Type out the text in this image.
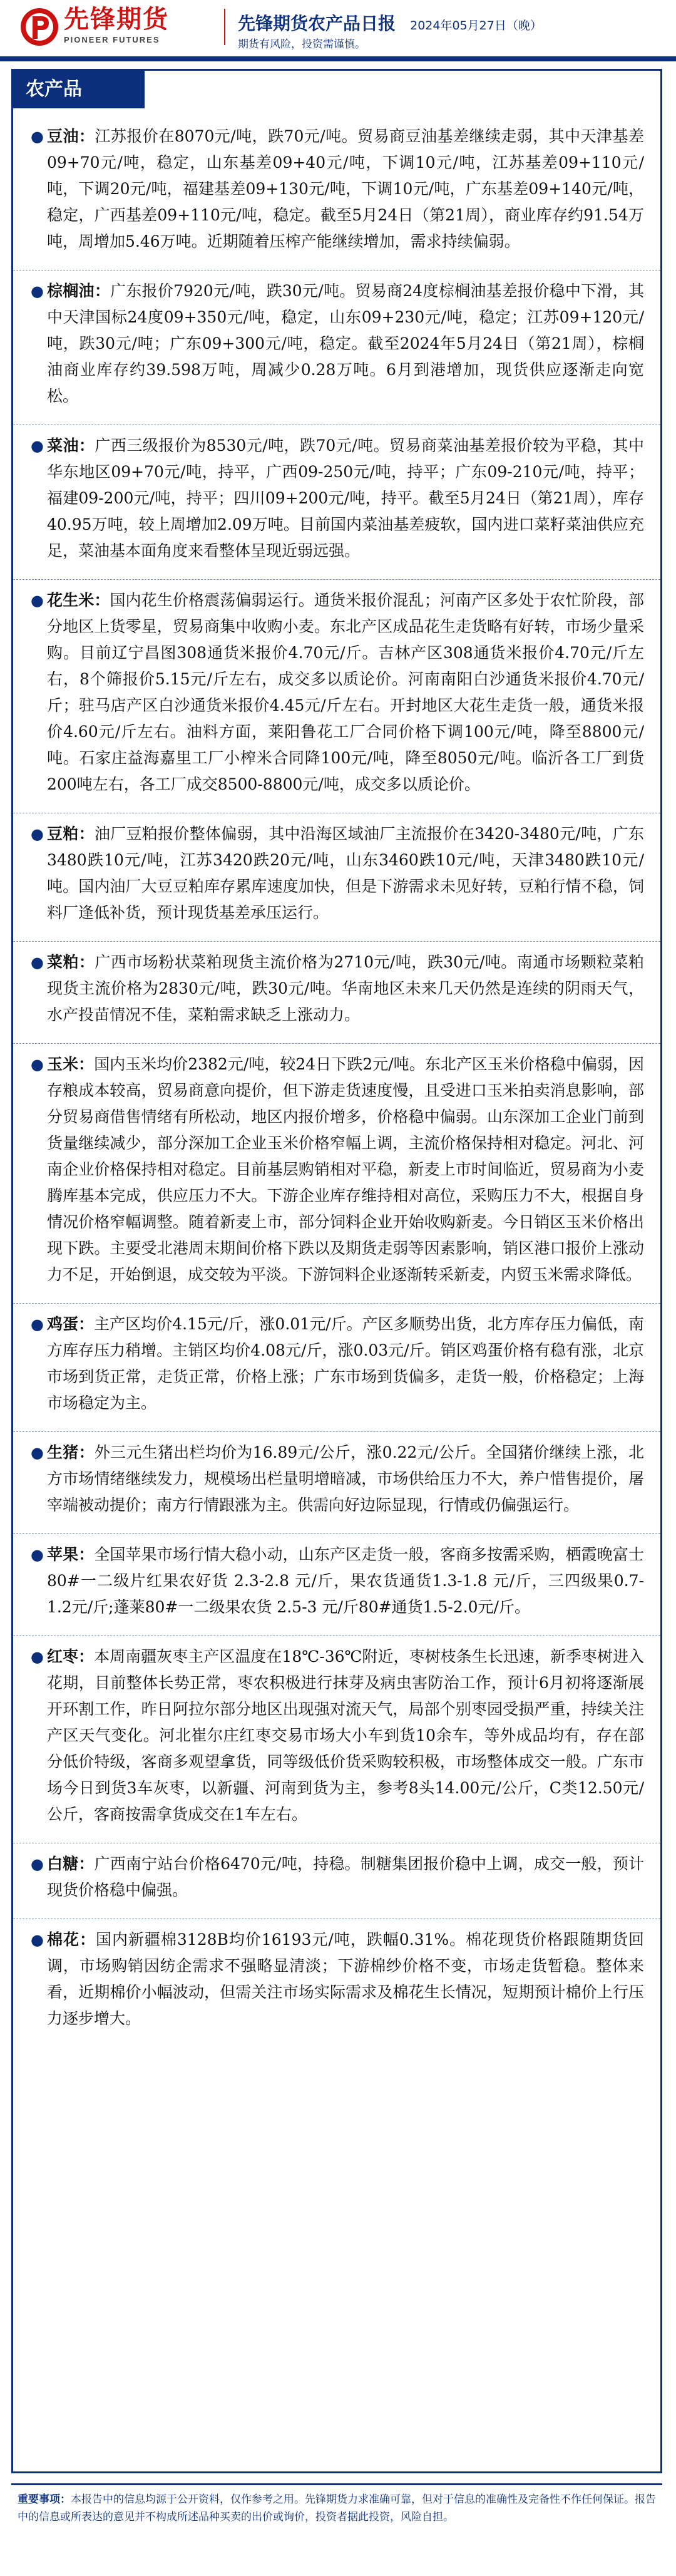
先锋期货
PIONEER FUTURES
先锋期货农产品日报 2024年05月27日（晚）
期货有风险，投资需谨慎。
农产品
● 豆油：江苏报价在8070元/吨，跌70元/吨。贸易商豆油基差继续走弱，其中天津基差09+70元/吨，稳定，山东基差09+40元/吨，下调10元/吨，江苏基差09+110元/吨，下调20元/吨，福建基差09+130元/吨，下调10元/吨，广东基差09+140元/吨，稳定，广西基差09+110元/吨，稳定。截至5月24日（第21周），商业库存约91.54万吨，周增加5.46万吨。近期随着压榨产能继续增加，需求持续偏弱。
● 棕榈油：广东报价7920元/吨，跌30元/吨。贸易商24度棕榈油基差报价稳中下滑，其中天津国标24度09+350元/吨，稳定，山东09+230元/吨，稳定；江苏09+120元/吨，跌30元/吨；广东09+300元/吨，稳定。截至2024年5月24日（第21周），棕榈油商业库存约39.598万吨，周减少0.28万吨。6月到港增加，现货供应逐渐走向宽松。
● 菜油：广西三级报价为8530元/吨，跌70元/吨。贸易商菜油基差报价较为平稳，其中华东地区09+70元/吨，持平，广西09-250元/吨，持平；广东09-210元/吨，持平；福建09-200元/吨，持平；四川09+200元/吨，持平。截至5月24日（第21周），库存40.95万吨，较上周增加2.09万吨。目前国内菜油基差疲软，国内进口菜籽菜油供应充足，菜油基本面角度来看整体呈现近弱远强。
● 花生米：国内花生价格震荡偏弱运行。通货米报价混乱；河南产区多处于农忙阶段，部分地区上货零星，贸易商集中收购小麦。东北产区成品花生走货略有好转，市场少量采购。目前辽宁昌图308通货米报价4.70元/斤。吉林产区308通货米报价4.70元/斤左右，8个筛报价5.15元/斤左右，成交多以质论价。河南南阳白沙通货米报价4.70元/斤；驻马店产区白沙通货米报价4.45元/斤左右。开封地区大花生走货一般，通货米报价4.60元/斤左右。油料方面，莱阳鲁花工厂合同价格下调100元/吨，降至8800元/吨。石家庄益海嘉里工厂小榨米合同降100元/吨，降至8050元/吨。临沂各工厂到货200吨左右，各工厂成交8500-8800元/吨，成交多以质论价。
● 豆粕：油厂豆粕报价整体偏弱，其中沿海区域油厂主流报价在3420-3480元/吨，广东3480跌10元/吨，江苏3420跌20元/吨，山东3460跌10元/吨，天津3480跌10元/吨。国内油厂大豆豆粕库存累库速度加快，但是下游需求未见好转，豆粕行情不稳，饲料厂逢低补货，预计现货基差承压运行。
● 菜粕：广西市场粉状菜粕现货主流价格为2710元/吨，跌30元/吨。南通市场颗粒菜粕现货主流价格为2830元/吨，跌30元/吨。华南地区未来几天仍然是连续的阴雨天气，水产投苗情况不佳，菜粕需求缺乏上涨动力。
● 玉米：国内玉米均价2382元/吨，较24日下跌2元/吨。东北产区玉米价格稳中偏弱，因存粮成本较高，贸易商意向提价，但下游走货速度慢，且受进口玉米拍卖消息影响，部分贸易商借售情绪有所松动，地区内报价增多，价格稳中偏弱。山东深加工企业门前到货量继续减少，部分深加工企业玉米价格窄幅上调，主流价格保持相对稳定。河北、河南企业价格保持相对稳定。目前基层购销相对平稳，新麦上市时间临近，贸易商为小麦腾库基本完成，供应压力不大。下游企业库存维持相对高位，采购压力不大，根据自身情况价格窄幅调整。随着新麦上市，部分饲料企业开始收购新麦。今日销区玉米价格出现下跌。主要受北港周末期间价格下跌以及期货走弱等因素影响，销区港口报价上涨动力不足，开始倒退，成交较为平淡。下游饲料企业逐渐转采新麦，内贸玉米需求降低。
● 鸡蛋：主产区均价4.15元/斤，涨0.01元/斤。产区多顺势出货，北方库存压力偏低，南方库存压力稍增。主销区均价4.08元/斤，涨0.03元/斤。销区鸡蛋价格有稳有涨，北京市场到货正常，走货正常，价格上涨；广东市场到货偏多，走货一般，价格稳定；上海市场稳定为主。
● 生猪：外三元生猪出栏均价为16.89元/公斤，涨0.22元/公斤。全国猪价继续上涨，北方市场情绪继续发力，规模场出栏量明增暗减，市场供给压力不大，养户惜售提价，屠宰端被动提价；南方行情跟涨为主。供需向好边际显现，行情或仍偏强运行。
● 苹果：全国苹果市场行情大稳小动，山东产区走货一般，客商多按需采购，栖霞晚富士 80#一二级片红果农好货 2.3-2.8 元/斤，果农货通货1.3-1.8 元/斤，三四级果0.7-1.2元/斤;蓬莱80#一二级果农货 2.5-3 元/斤80#通货1.5-2.0元/斤。
● 红枣：本周南疆灰枣主产区温度在18℃-36℃附近，枣树枝条生长迅速，新季枣树进入花期，目前整体长势正常，枣农积极进行抹芽及病虫害防治工作，预计6月初将逐渐展开环割工作，昨日阿拉尔部分地区出现强对流天气，局部个别枣园受损严重，持续关注产区天气变化。河北崔尔庄红枣交易市场大小车到货10余车，等外成品均有，存在部分低价特级，客商多观望拿货，同等级低价货采购较积极，市场整体成交一般。广东市场今日到货3车灰枣，以新疆、河南到货为主，参考8头14.00元/公斤，C类12.50元/公斤，客商按需拿货成交在1车左右。
● 白糖：广西南宁站台价格6470元/吨，持稳。制糖集团报价稳中上调，成交一般，预计现货价格稳中偏强。
● 棉花：国内新疆棉3128B均价16193元/吨，跌幅0.31%。棉花现货价格跟随期货回调，市场购销因纺企需求不强略显清淡；下游棉纱价格不变，市场走货暂稳。整体来看，近期棉价小幅波动，但需关注市场实际需求及棉花生长情况，短期预计棉价上行压力逐步增大。
重要事项：本报告中的信息均源于公开资料，仅作参考之用。先锋期货力求准确可靠，但对于信息的准确性及完备性不作任何保证。报告中的信息或所表达的意见并不构成所述品种买卖的出价或询价，投资者据此投资，风险自担。
